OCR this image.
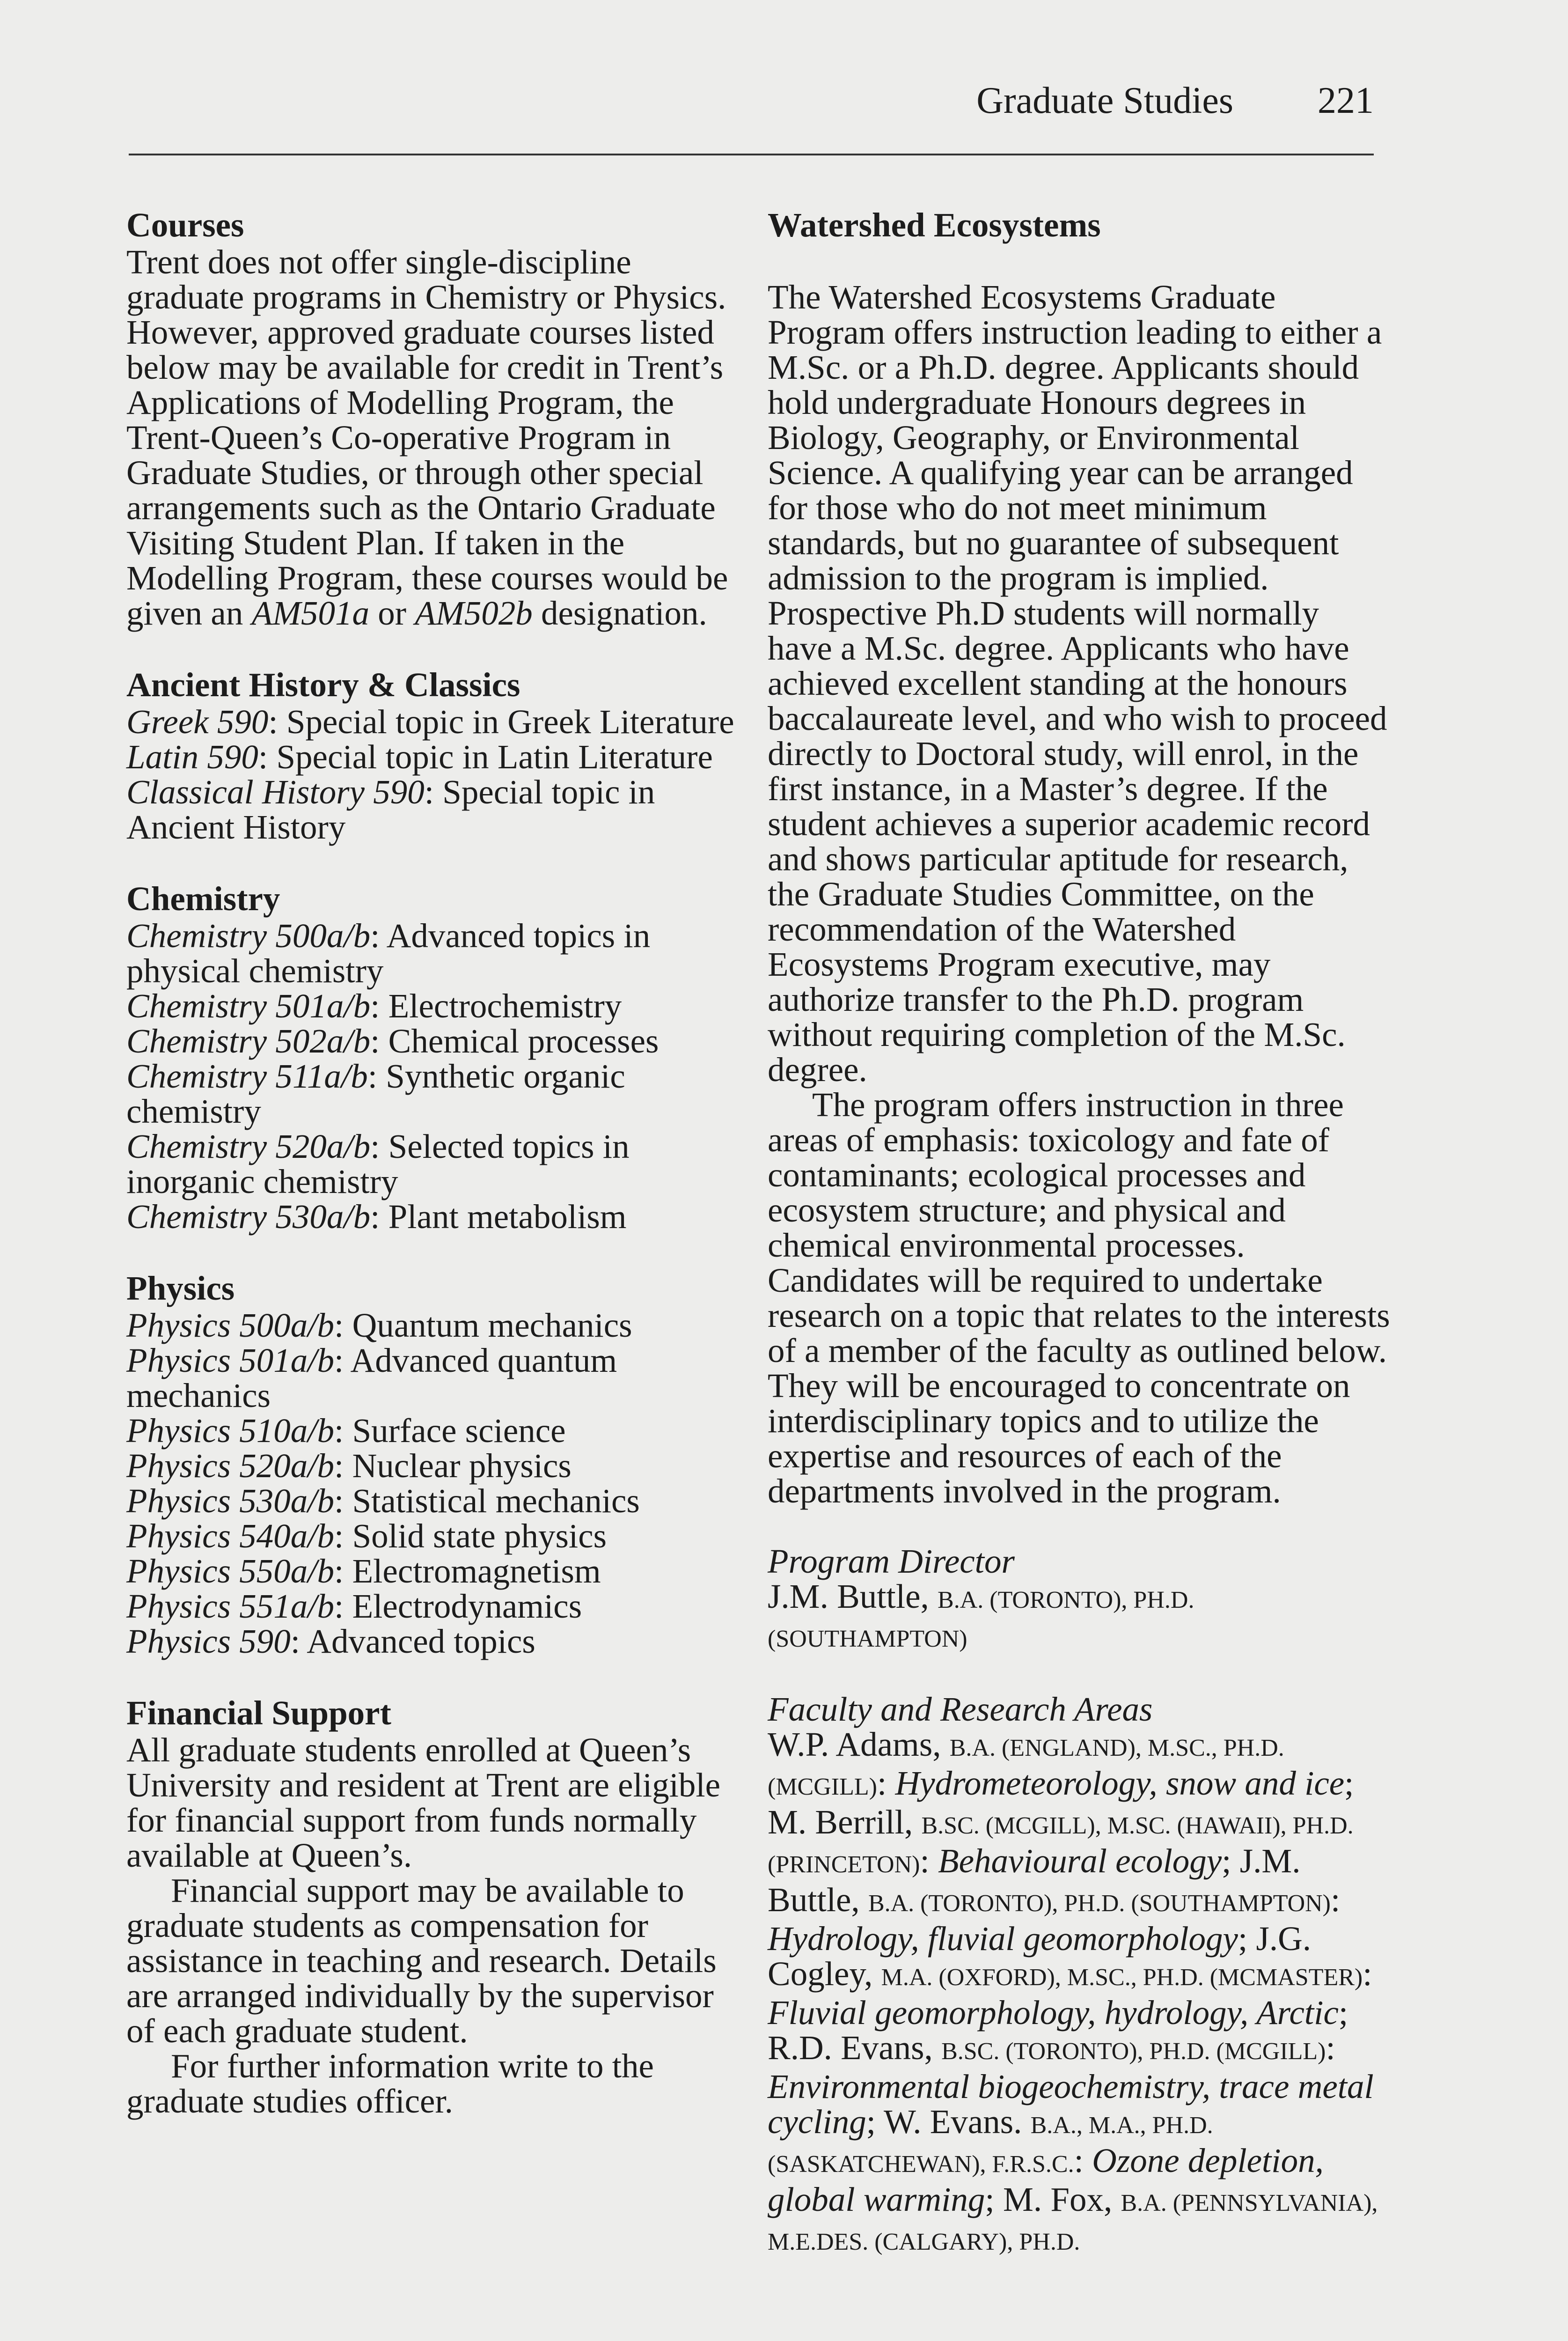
Graduate Studies 221
Courses

Trent does not offer single-discipline graduate programs in Chemistry or Physics. However, approved graduate courses listed below may be available for credit in Trent’s Applications of Modelling Program, the Trent-Queen’s Co-operative Program in Graduate Studies, or through other special arrangements such as the Ontario Graduate Visiting Student Plan. If taken in the Modelling Program, these courses would be given an AM501a or AM502b designation.

Ancient History & Classics

Greek 590: Special topic in Greek Literature

Latin 590: Special topic in Latin Literature

Classical History 590: Special topic in Ancient History

Chemistry

Chemistry 500a/b: Advanced topics in physical chemistry

Chemistry 501a/b: Electrochemistry

Chemistry 502a/b: Chemical processes

Chemistry 511a/b: Synthetic organic chemistry

Chemistry 520a/b: Selected topics in inorganic chemistry

Chemistry 530a/b: Plant metabolism

Physics

Physics 500a/b: Quantum mechanics

Physics 501a/b: Advanced quantum mechanics

Physics 510a/b: Surface science

Physics 520a/b: Nuclear physics

Physics 530a/b: Statistical mechanics

Physics 540a/b: Solid state physics

Physics 550a/b: Electromagnetism

Physics 551a/b: Electrodynamics

Physics 590: Advanced topics

Financial Support

All graduate students enrolled at Queen’s University and resident at Trent are eligible for financial support from funds normally available at Queen’s.

Financial support may be available to graduate students as compensation for assistance in teaching and research. Details are arranged individually by the supervisor of each graduate student.

For further information write to the graduate studies officer.

Watershed Ecosystems

The Watershed Ecosystems Graduate Program offers instruction leading to either a M.Sc. or a Ph.D. degree. Applicants should hold undergraduate Honours degrees in Biology, Geography, or Environmental Science. A qualifying year can be arranged for those who do not meet minimum standards, but no guarantee of subsequent admission to the program is implied. Prospective Ph.D students will normally have a M.Sc. degree. Applicants who have achieved excellent standing at the honours baccalaureate level, and who wish to proceed directly to Doctoral study, will enrol, in the first instance, in a Master’s degree. If the student achieves a superior academic record and shows particular aptitude for research, the Graduate Studies Committee, on the recommendation of the Watershed Ecosystems Program executive, may authorize transfer to the Ph.D. program without requiring completion of the M.Sc. degree.

The program offers instruction in three areas of emphasis: toxicology and fate of contaminants; ecological processes and ecosystem structure; and physical and chemical environmental processes. Candidates will be required to undertake research on a topic that relates to the interests of a member of the faculty as outlined below. They will be encouraged to concentrate on interdisciplinary topics and to utilize the expertise and resources of each of the departments involved in the program.

Program Director

J.M. Buttle, B.A. (TORONTO), PH.D. (SOUTHAMPTON)

Faculty and Research Areas

W.P. Adams, B.A. (ENGLAND), M.SC., PH.D. (MCGILL): Hydrometeorology, snow and ice; M. Berrill, B.SC. (MCGILL), M.SC. (HAWAII), PH.D. (PRINCETON): Behavioural ecology; J.M. Buttle, B.A. (TORONTO), PH.D. (SOUTHAMPTON): Hydrology, fluvial geomorphology; J.G. Cogley, M.A. (OXFORD), M.SC., PH.D. (MCMASTER): Fluvial geomorphology, hydrology, Arctic; R.D. Evans, B.SC. (TORONTO), PH.D. (MCGILL): Environmental biogeochemistry, trace metal cycling; W. Evans. B.A., M.A., PH.D. (SASKATCHEWAN), F.R.S.C.: Ozone depletion, global warming; M. Fox, B.A. (PENNSYLVANIA), M.E.DES. (CALGARY), PH.D.
